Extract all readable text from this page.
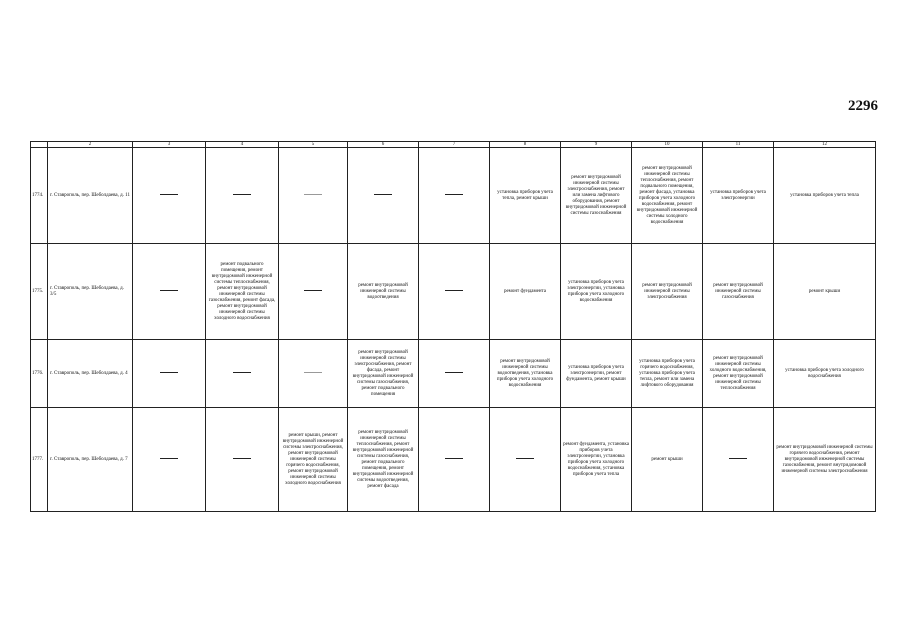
2296
	2	3	4	5	6	7	8	9	10	11	12
1774.	г. Ставрополь, пер. Шеболдаева, д. 11						установка приборов учета тепла, ремонт крыши	ремонт внутридомовой инженерной системы электроснабжения, ремонт или замена лифтового оборудования, ремонт внутридомовой инженерной системы газоснабжения	ремонт внутридомовой инженерной системы теплоснабжения, ремонт подвального помещения, ремонт фасада, установка приборов учета холодного водоснабжения, ремонт внутридомовой инженерной системы холодного водоснабжения	установка приборов учета электроэнергии	установка приборов учета тепла
1775.	г. Ставрополь, пер. Шеболдаева, д. 3/5		ремонт подвального помещения, ремонт внутридомовой инженерной системы теплоснабжения, ремонт внутридомовой инженерной системы газоснабжения, ремонт фасада, ремонт внутридомовой инженерной системы холодного водоснабжения		ремонт внутридомовой инженерной системы водоотведения		ремонт фундамента	установка приборов учета электроэнергии, установка приборов учета холодного водоснабжения	ремонт внутридомовой инженерной системы электроснабжения	ремонт внутридомовой инженерной системы газоснабжения	ремонт крыши
1776.	г. Ставрополь, пер. Шеболдаева, д. 4				ремонт внутридомовой инженерной системы электроснабжения, ремонт фасада, ремонт внутридомовой инженерной системы газоснабжения, ремонт подвального помещения		ремонт внутридомовой инженерной системы водоотведения, установка приборов учета холодного водоснабжения	установка приборов учета электроэнергии, ремонт фундамента, ремонт крыши	установка приборов учета горячего водоснабжения, установка приборов учета тепла, ремонт или замена лифтового оборудования	ремонт внутридомовой инженерной системы холодного водоснабжения, ремонт внутридомовой инженерной системы теплоснабжения	установка приборов учета холодного водоснабжения
1777.	г. Ставрополь, пер. Шеболдаева, д. 7			ремонт крыши, ремонт внутридомовой инженерной системы электроснабжения, ремонт внутридомовой инженерной системы горячего водоснабжения, ремонт внутридомовой инженерной системы холодного водоснабжения	ремонт внутридомовой инженерной системы теплоснабжения, ремонт внутридомовой инженерной системы газоснабжения, ремонт подвального помещения, ремонт внутридомовой инженерной системы водоотведения, ремонт фасада			ремонт фундамента, установка приборов учета электроэнергии, установка приборов учета холодного водоснабжения, установка приборов учета тепла	ремонт крыши		ремонт внутридомовой инженерной системы горячего водоснабжения, ремонт внутридомовой инженерной системы газоснабжения, ремонт внутридомовой инженерной системы электроснабжения
